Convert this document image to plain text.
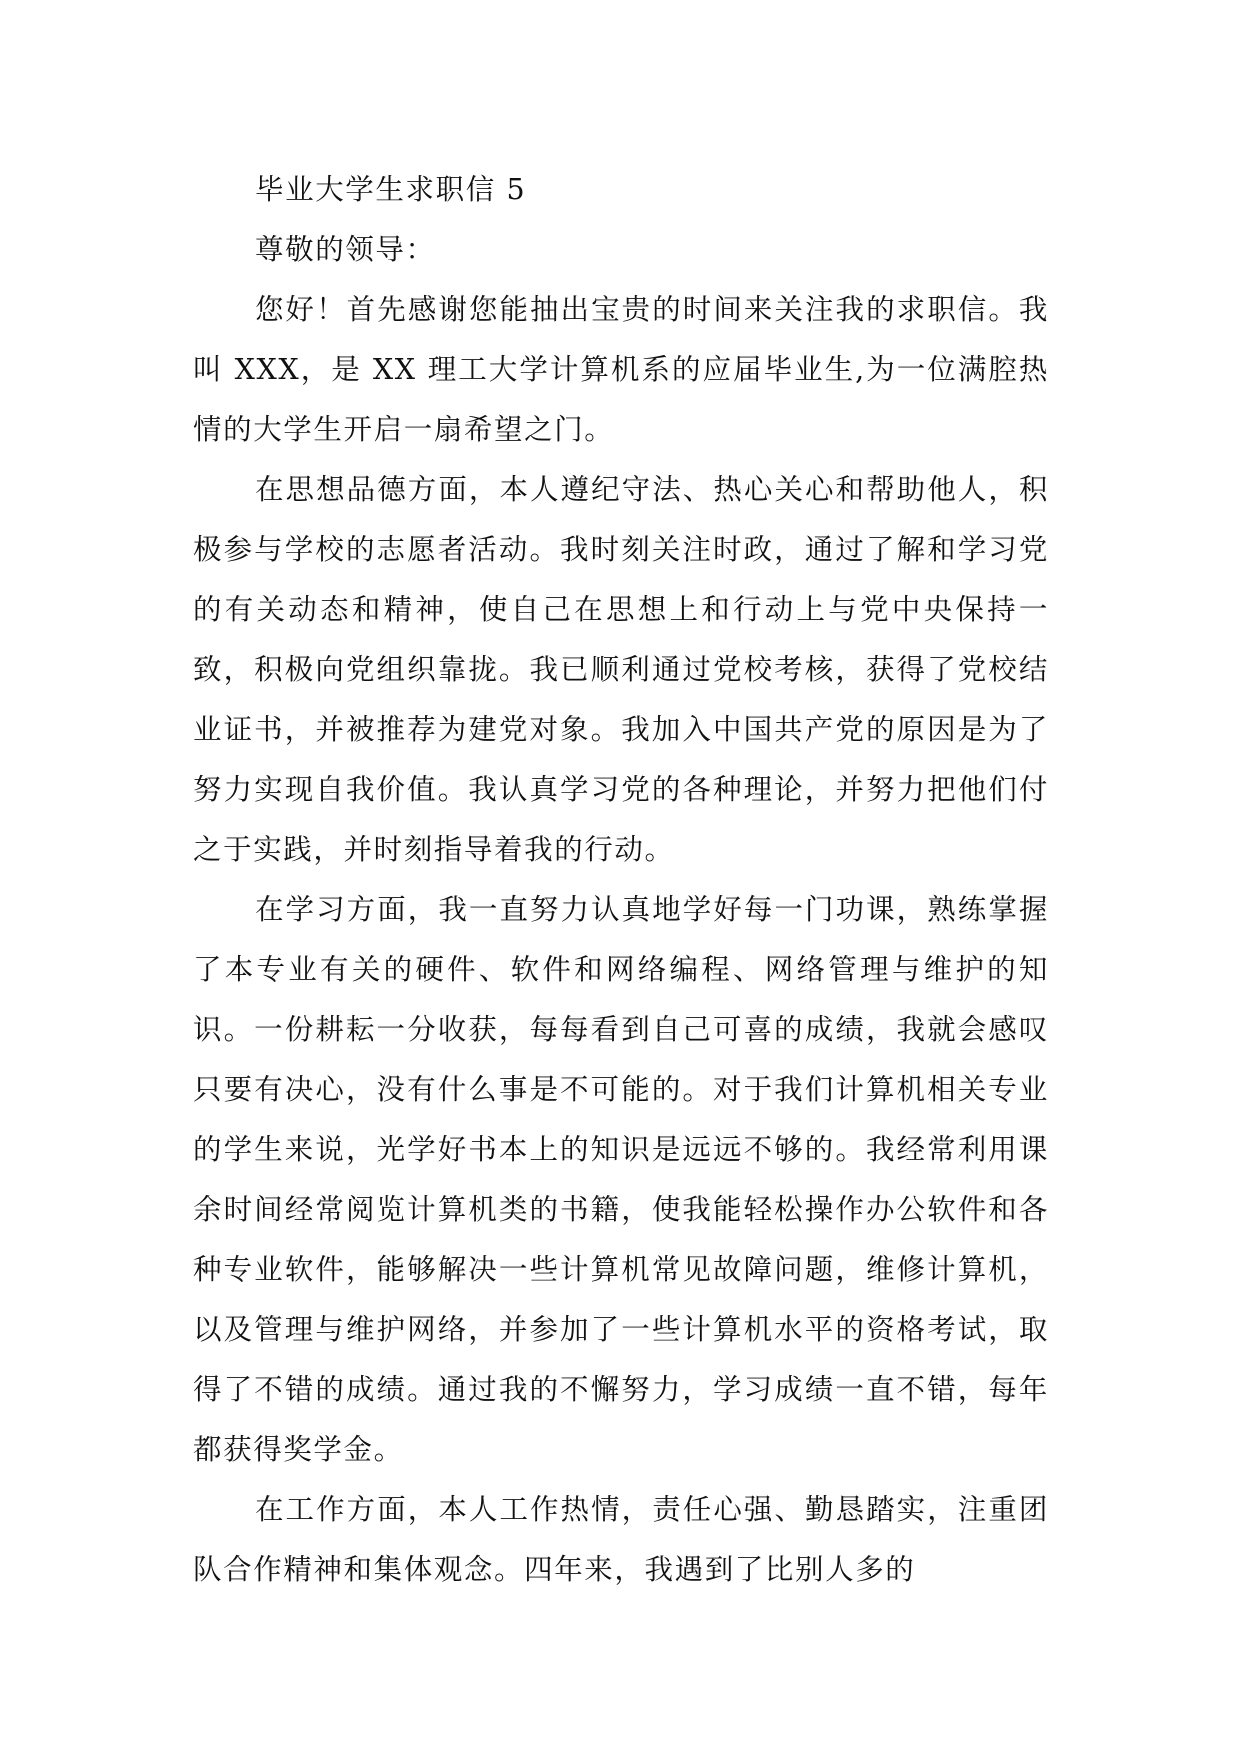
毕业大学生求职信 5

尊敬的领导：

您好！首先感谢您能抽出宝贵的时间来关注我的求职信。我叫 XXX，是 XX 理工大学计算机系的应届毕业生,为一位满腔热情的大学生开启一扇希望之门。

在思想品德方面，本人遵纪守法、热心关心和帮助他人，积极参与学校的志愿者活动。我时刻关注时政，通过了解和学习党的有关动态和精神，使自己在思想上和行动上与党中央保持一致，积极向党组织靠拢。我已顺利通过党校考核，获得了党校结业证书，并被推荐为建党对象。我加入中国共产党的原因是为了努力实现自我价值。我认真学习党的各种理论，并努力把他们付之于实践，并时刻指导着我的行动。

在学习方面，我一直努力认真地学好每一门功课，熟练掌握了本专业有关的硬件、软件和网络编程、网络管理与维护的知识。一份耕耘一分收获，每每看到自己可喜的成绩，我就会感叹只要有决心，没有什么事是不可能的。对于我们计算机相关专业的学生来说，光学好书本上的知识是远远不够的。我经常利用课余时间经常阅览计算机类的书籍，使我能轻松操作办公软件和各种专业软件，能够解决一些计算机常见故障问题，维修计算机，以及管理与维护网络，并参加了一些计算机水平的资格考试，取得了不错的成绩。通过我的不懈努力，学习成绩一直不错，每年都获得奖学金。

在工作方面，本人工作热情，责任心强、勤恳踏实，注重团队合作精神和集体观念。四年来，我遇到了比别人多的
